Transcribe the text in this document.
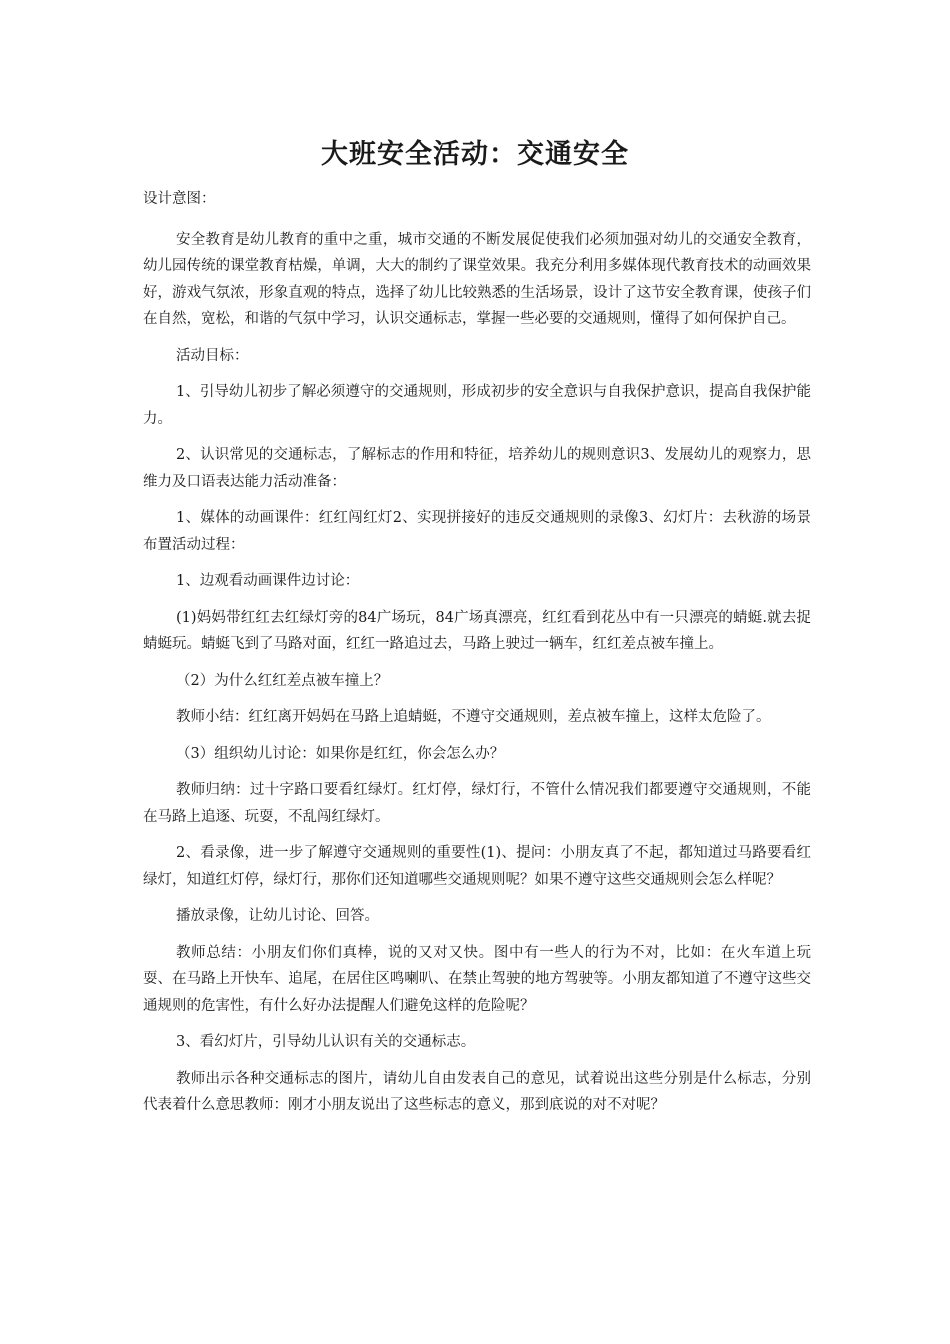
大班安全活动：交通安全

设计意图：

安全教育是幼儿教育的重中之重，城市交通的不断发展促使我们必须加强对幼儿的交通安全教育，幼儿园传统的课堂教育枯燥，单调，大大的制约了课堂效果。我充分利用多媒体现代教育技术的动画效果好，游戏气氛浓，形象直观的特点，选择了幼儿比较熟悉的生活场景，设计了这节安全教育课，使孩子们在自然，宽松，和谐的气氛中学习，认识交通标志，掌握一些必要的交通规则，懂得了如何保护自己。

活动目标：

1、引导幼儿初步了解必须遵守的交通规则，形成初步的安全意识与自我保护意识，提高自我保护能力。

2、认识常见的交通标志，了解标志的作用和特征，培养幼儿的规则意识3、发展幼儿的观察力，思维力及口语表达能力活动准备：

1、媒体的动画课件：红红闯红灯2、实现拼接好的违反交通规则的录像3、幻灯片：去秋游的场景布置活动过程：

1、边观看动画课件边讨论：

(1)妈妈带红红去红绿灯旁的84广场玩，84广场真漂亮，红红看到花丛中有一只漂亮的蜻蜓.就去捉蜻蜓玩。蜻蜓飞到了马路对面，红红一路追过去，马路上驶过一辆车，红红差点被车撞上。

（2）为什么红红差点被车撞上？

教师小结：红红离开妈妈在马路上追蜻蜓，不遵守交通规则，差点被车撞上，这样太危险了。

（3）组织幼儿讨论：如果你是红红，你会怎么办？

教师归纳：过十字路口要看红绿灯。红灯停，绿灯行，不管什么情况我们都要遵守交通规则，不能在马路上追逐、玩耍，不乱闯红绿灯。

2、看录像，进一步了解遵守交通规则的重要性(1)、提问：小朋友真了不起，都知道过马路要看红绿灯，知道红灯停，绿灯行，那你们还知道哪些交通规则呢？如果不遵守这些交通规则会怎么样呢？

播放录像，让幼儿讨论、回答。

教师总结：小朋友们你们真棒，说的又对又快。图中有一些人的行为不对，比如：在火车道上玩耍、在马路上开快车、追尾，在居住区鸣喇叭、在禁止驾驶的地方驾驶等。小朋友都知道了不遵守这些交通规则的危害性，有什么好办法提醒人们避免这样的危险呢？

3、看幻灯片，引导幼儿认识有关的交通标志。

教师出示各种交通标志的图片，请幼儿自由发表自己的意见，试着说出这些分别是什么标志，分别代表着什么意思教师：刚才小朋友说出了这些标志的意义，那到底说的对不对呢？
